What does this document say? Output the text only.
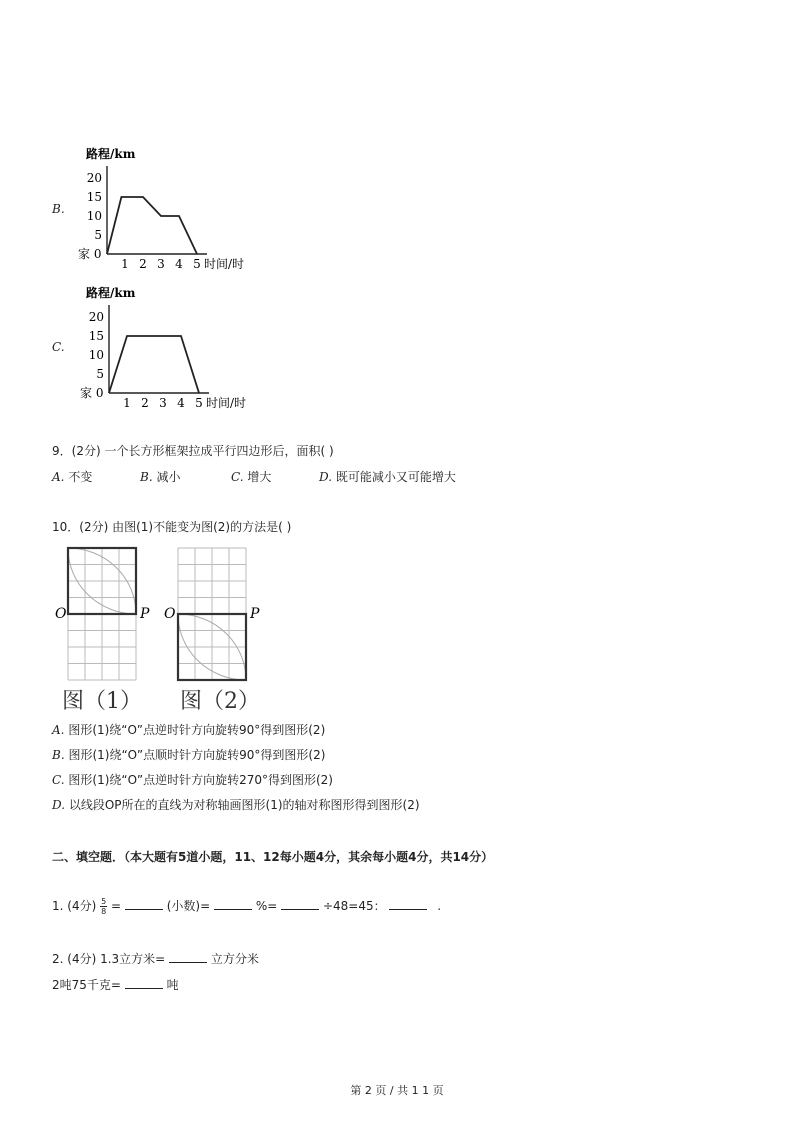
B.
路程/km
20
15
10
5
家 0
1 2 3 4 5 时间/时
C.
路程/km
20
15
10
5
家 0
1 2 3 4 5 时间/时
9．(2分) 一个长方形框架拉成平行四边形后，面积( )
A. 不变	B. 减小	C. 增大	D. 既可能减小又可能增大
10．(2分) 由图(1)不能变为图(2)的方法是( )
O	P O	P
图（1） 图（2）
A. 图形(1)绕“O”点逆时针方向旋转90°得到图形(2)
B. 图形(1)绕“O”点顺时针方向旋转90°得到图形(2)
C. 图形(1)绕“O”点逆时针方向旋转270°得到图形(2)
D. 以线段OP所在的直线为对称轴画图形(1)的轴对称图形得到图形(2)
二、填空题．（本大题有5道小题，11、12每小题4分，其余每小题4分，共14分）
1. (4分) $\frac{5}{8}$ =	(小数)=	%=	÷48=45：	.
2. (4分) 1.3立方米=	立方分米
2吨75千克=	吨
第 2 页 / 共 1 1 页
